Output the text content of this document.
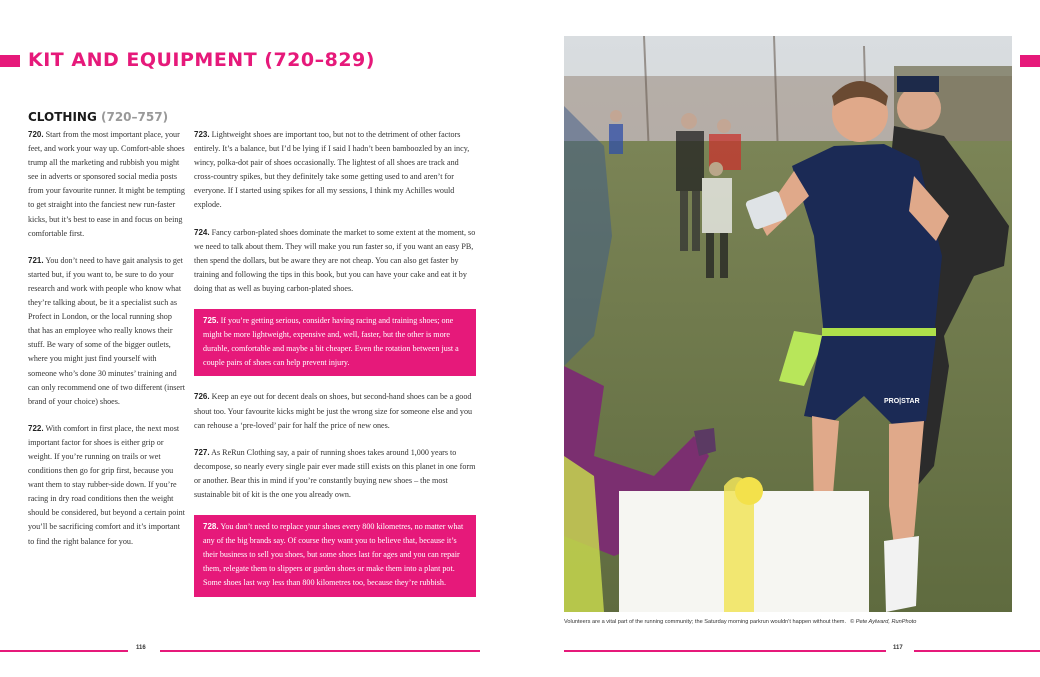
KIT AND EQUIPMENT (720–829)
CLOTHING (720–757)

720. Start from the most important place, your feet, and work your way up. Comfort-able shoes trump all the marketing and rubbish you might see in adverts or sponsored social media posts from your favourite runner. It might be tempting to get straight into the fanciest new run-faster kicks, but it’s best to ease in and focus on being comfortable first.

721. You don’t need to have gait analysis to get started but, if you want to, be sure to do your research and work with people who know what they’re talking about, be it a specialist such as Profect in London, or the local running shop that has an employee who really knows their stuff. Be wary of some of the bigger outlets, where you might just find yourself with someone who’s done 30 minutes’ training and can only recommend one of two different (insert brand of your choice) shoes.

722. With comfort in first place, the next most important factor for shoes is either grip or weight. If you’re running on trails or wet conditions then go for grip first, because you want them to stay rubber-side down. If you’re racing in dry road conditions then the weight should be considered, but beyond a certain point you’ll be sacrificing comfort and it’s important to find the right balance for you.

723. Lightweight shoes are important too, but not to the detriment of other factors entirely. It’s a balance, but I’d be lying if I said I hadn’t been bamboozled by an incy, wincy, polka-dot pair of shoes occasionally. The lightest of all shoes are track and cross-country spikes, but they definitely take some getting used to and aren’t for everyone. If I started using spikes for all my sessions, I think my Achilles would explode.

724. Fancy carbon-plated shoes dominate the market to some extent at the moment, so we need to talk about them. They will make you run faster so, if you want an easy PB, then spend the dollars, but be aware they are not cheap. You can also get faster by training and following the tips in this book, but you can have your cake and eat it by doing that as well as buying carbon-plated shoes.

725. If you’re getting serious, consider having racing and training shoes; one might be more lightweight, expensive and, well, faster, but the other is more durable, comfortable and maybe a bit cheaper. Even the rotation between just a couple pairs of shoes can help prevent injury.

726. Keep an eye out for decent deals on shoes, but second-hand shoes can be a good shout too. Your favourite kicks might be just the wrong size for someone else and you can rehouse a ‘pre-loved’ pair for half the price of new ones.

727. As ReRun Clothing say, a pair of running shoes takes around 1,000 years to decompose, so nearly every single pair ever made still exists on this planet in one form or another. Bear this in mind if you’re constantly buying new shoes – the most sustainable bit of kit is the one you already own.

728. You don’t need to replace your shoes every 800 kilometres, no matter what any of the big brands say. Of course they want you to believe that, because it’s their business to sell you shoes, but some shoes last for ages and you can repair them, relegate them to slippers or garden shoes or make them into a plant pot. Some shoes last way less than 800 kilometres too, because they’re rubbish.
PRO|STAR
Volunteers are a vital part of the running community; the Saturday morning parkrun wouldn’t happen without them. © Pete Aylward, RunPhoto
116	117
